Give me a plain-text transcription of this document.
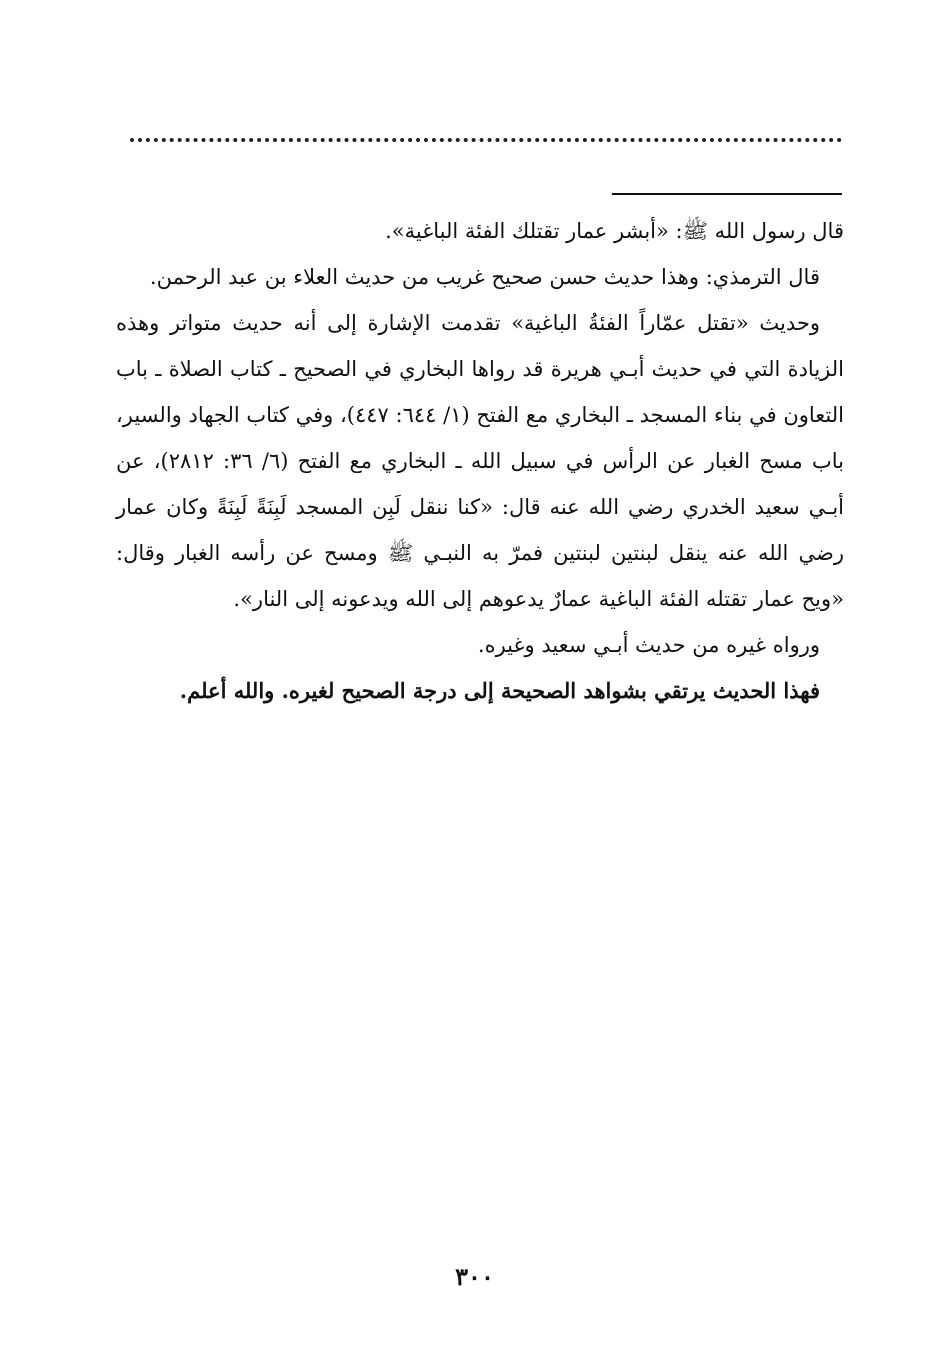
قال رسول الله ﷺ: «أبشر عمار تقتلك الفئة الباغية».

قال الترمذي: وهذا حديث حسن صحيح غريب من حديث العلاء بن عبد الرحمن.

وحديث «تقتل عمّاراً الفئةُ الباغية» تقدمت الإشارة إلى أنه حديث متواتر وهذه الزيادة التي في حديث أبـي هريرة قد رواها البخاري في الصحيح ـ كتاب الصلاة ـ باب التعاون في بناء المسجد ـ البخاري مع الفتح (١/ ٦٤٤: ٤٤٧)، وفي كتاب الجهاد والسير، باب مسح الغبار عن الرأس في سبيل الله ـ البخاري مع الفتح (٦/ ٣٦: ٢٨١٢)، عن أبـي سعيد الخدري رضي الله عنه قال: «كنا ننقل لَبِن المسجد لَبِنَةً لَبِنَةً وكان عمار رضي الله عنه ينقل لبنتين لبنتين فمرّ به النبـي ﷺ ومسح عن رأسه الغبار وقال: «ويح عمار تقتله الفئة الباغية عمارٌ يدعوهم إلى الله ويدعونه إلى النار».

ورواه غيره من حديث أبـي سعيد وغيره.

فهذا الحديث يرتقي بشواهد الصحيحة إلى درجة الصحيح لغيره. والله أعلم.

٣٠٠
